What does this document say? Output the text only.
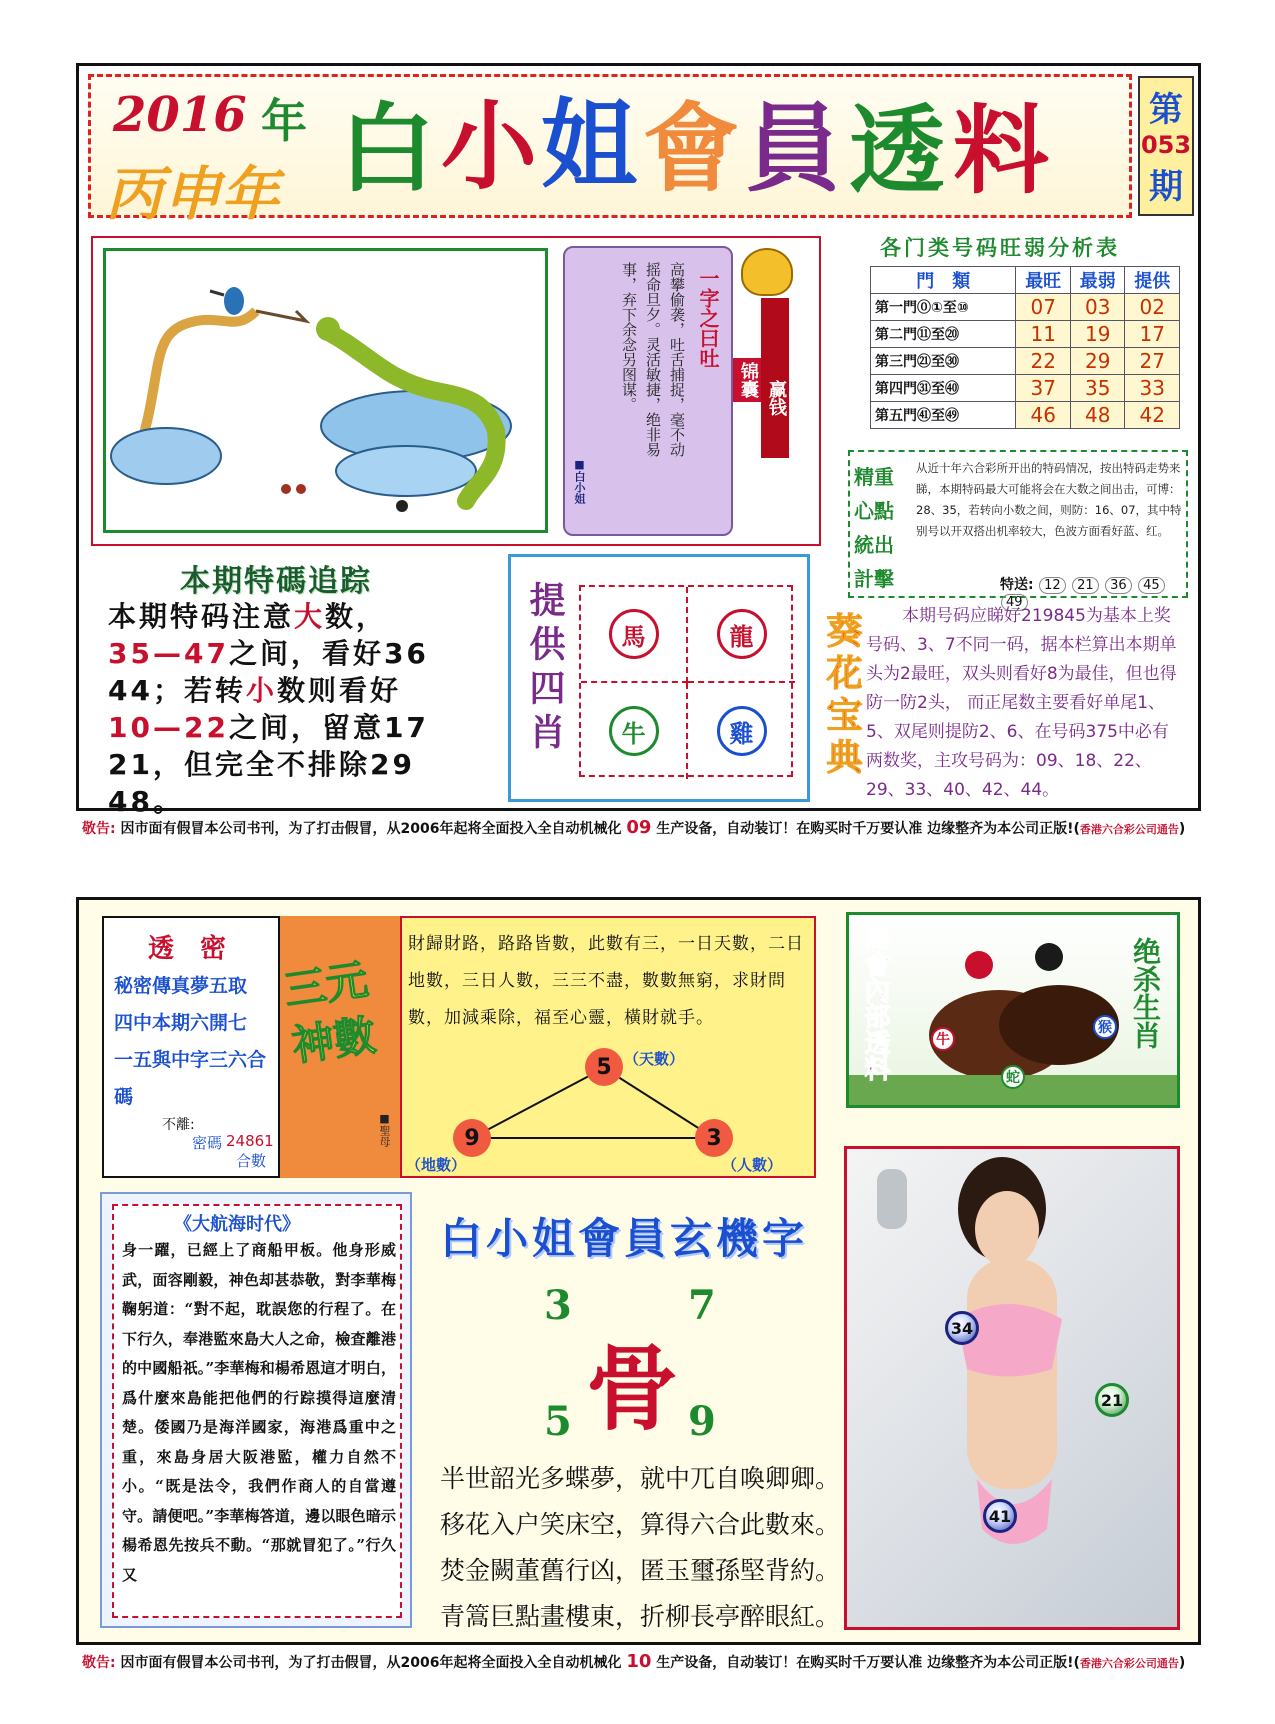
2016 年
丙申年 白 小 姐 會 員 透 料	第
053
期
一字之曰吐
高攀偷袭，吐舌捕捉，毫不动摇命旦夕。灵活敏捷，绝非易事，弃下余念另图谋。
■白小姐
锦囊 赢钱
各门类号码旺弱分析表
門　類	最旺	最弱	提供
第一門⓪①至⑩	07	03	02
第二門⑪至⑳	11	19	17
第三門㉑至㉚	22	29	27
第四門㉛至㊵	37	35	33
第五門㊶至㊾	46	48	42
精重
心點
統出
計擊
从近十年六合彩所开出的特码情况，按出特码走势来睇，本期特码最大可能将会在大数之间出击，可博：28、35，若转向小数之间，则防：16、07，其中特别号以开双搭出机率较大，色波方面看好蓝、红。
特送: 12 21 36 45 49
本期特碼追踪
本期特码注意大数，
35—47之间，看好36
44；若转小数则看好
10—22之间，留意17
21，但完全不排除29
48。
提供四肖	馬	龍
牛	雞	葵花宝典	本期号码应睇好219845为基本上奖号码、3、7不同一码，据本栏算出本期单头为2最旺，双头则看好8为最佳，但也得防一防2头， 而正尾数主要看好单尾1、5、双尾则提防2、6、在号码375中必有两数奖，主攻号码为：09、18、22、29、33、40、42、44。
敬告: 因市面有假冒本公司书刊，为了打击假冒，从2006年起将全面投入全自动机械化 09 生产设备，自动装订！在购买时千万要认准 边缘整齐为本公司正版!(香港六合彩公司通告)
透　密
秘密傳真夢五取
四中本期六開七
一五與中字三六合
碼
不離:
密碼 24861
合數
三元神數
■聖母
財歸財路，路路皆數，此數有三，一日天數，二日地數，三日人數，三三不盡，數數無窮，求財問數，加減乘除，福至心靈，橫財就手。
5 （天數）
9
（地數）
3
（人數）
馬會內部透料	绝杀生肖
牛
蛇
猴
《大航海时代》
身一躍，已經上了商船甲板。他身形威武，面容剛毅，神色却甚恭敬，對李華梅鞠躬道：“對不起，耽誤您的行程了。在下行久，奉港監來島大人之命，檢査離港的中國船祇。”李華梅和楊希恩這才明白，爲什麼來島能把他們的行踪摸得這麼清楚。倭國乃是海洋國家，海港爲重中之重，來島身居大阪港監，權力自然不小。“既是法令，我們作商人的自當遵守。請便吧。”李華梅答道，邊以眼色暗示楊希恩先按兵不動。“那就冒犯了。”行久又
白小姐會員玄機字
3	7
骨
5	9
半世韶光多蝶夢，就中兀自喚卿卿。
移花入户笑床空，算得六合此數來。
焚金闕董舊行凶，匿玉璽孫堅背約。
青篙巨點畫樓東，折柳長亭醉眼紅。
34
21
41
敬告: 因市面有假冒本公司书刊，为了打击假冒，从2006年起将全面投入全自动机械化 10 生产设备，自动装订！在购买时千万要认准 边缘整齐为本公司正版!(香港六合彩公司通告)
